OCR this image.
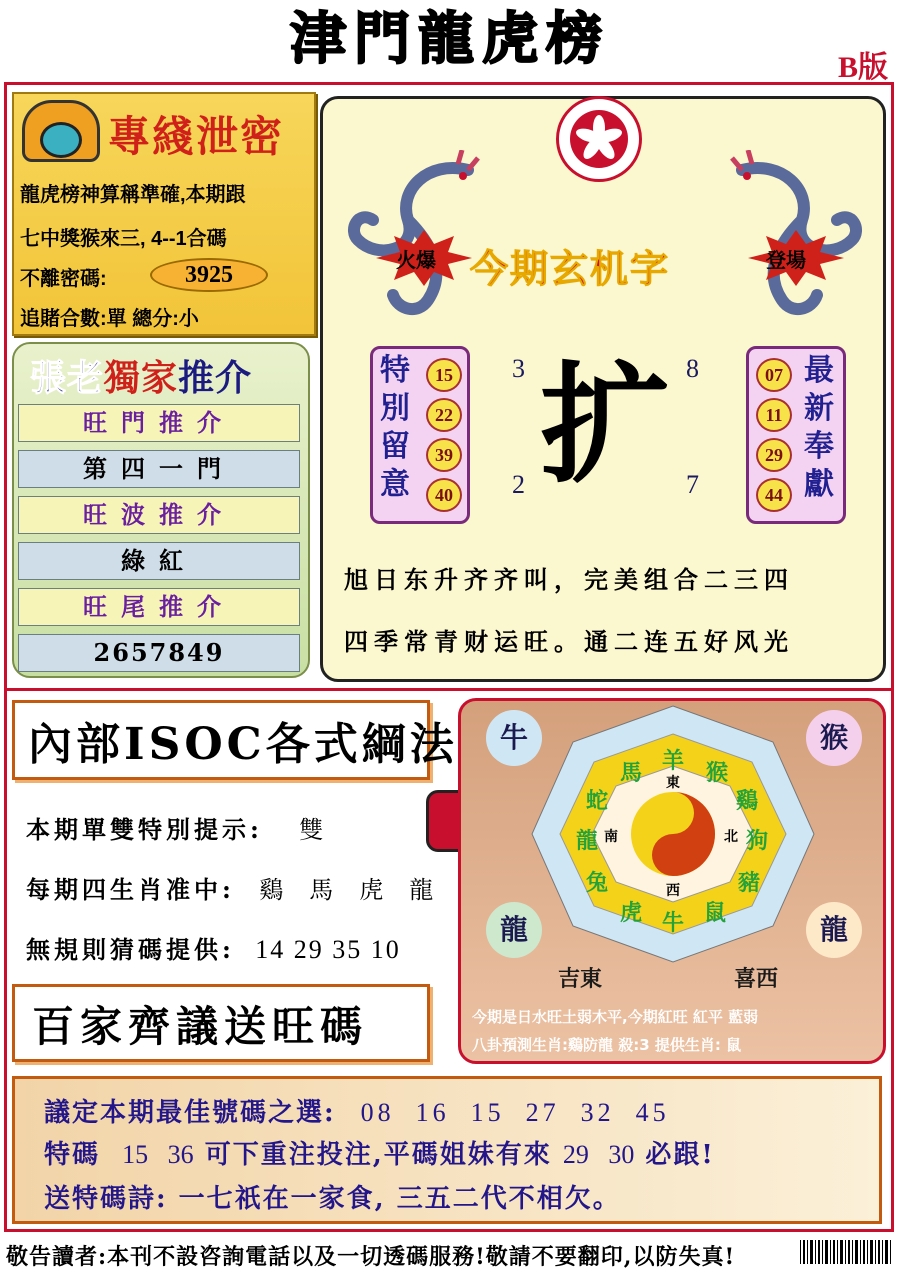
津門龍虎榜	B版
專綫泄密
龍虎榜神算稱準確,本期跟
七中獎猴來三, 4--1合碼
不離密碼:	3925
追賭合數:單 總分:小
張老獨家推介
旺門推介
第四一門
旺波推介
綠紅
旺尾推介
2657849
火爆	登場
今期玄机字
特
別
留
意
15
22
39
40
07
11
29
44
最
新
奉
獻
3	8
2	7
扩
旭日东升齐齐叫，完美组合二三四
四季常青财运旺。通二连五好风光
內部ISOC各式綱法
本期單雙特別提示: 雙
每期四生肖准中: 鷄 馬 虎 龍
無規則猜碼提供: 14 29 35 10
百家齊議送旺碼
羊 猴
鷄
狗
豬
鼠
牛
虎
兔
龍
蛇
馬 東
南	北
西
牛	猴
龍	龍
吉東	喜西
今期是日水旺土弱木平,今期紅旺 紅平 藍弱
八卦預測生肖:鷄防龍 殺:3 提供生肖: 鼠
議定本期最佳號碼之選: 08  16  15  27  32  45
特碼 15   36 可下重注投注,平碼姐妹有來 29   30 必跟!
送特碼詩: 一七祇在一家食, 三五二代不相欠。
敬告讀者:本刊不設咨詢電話以及一切透碼服務!敬請不要翻印,以防失真!
